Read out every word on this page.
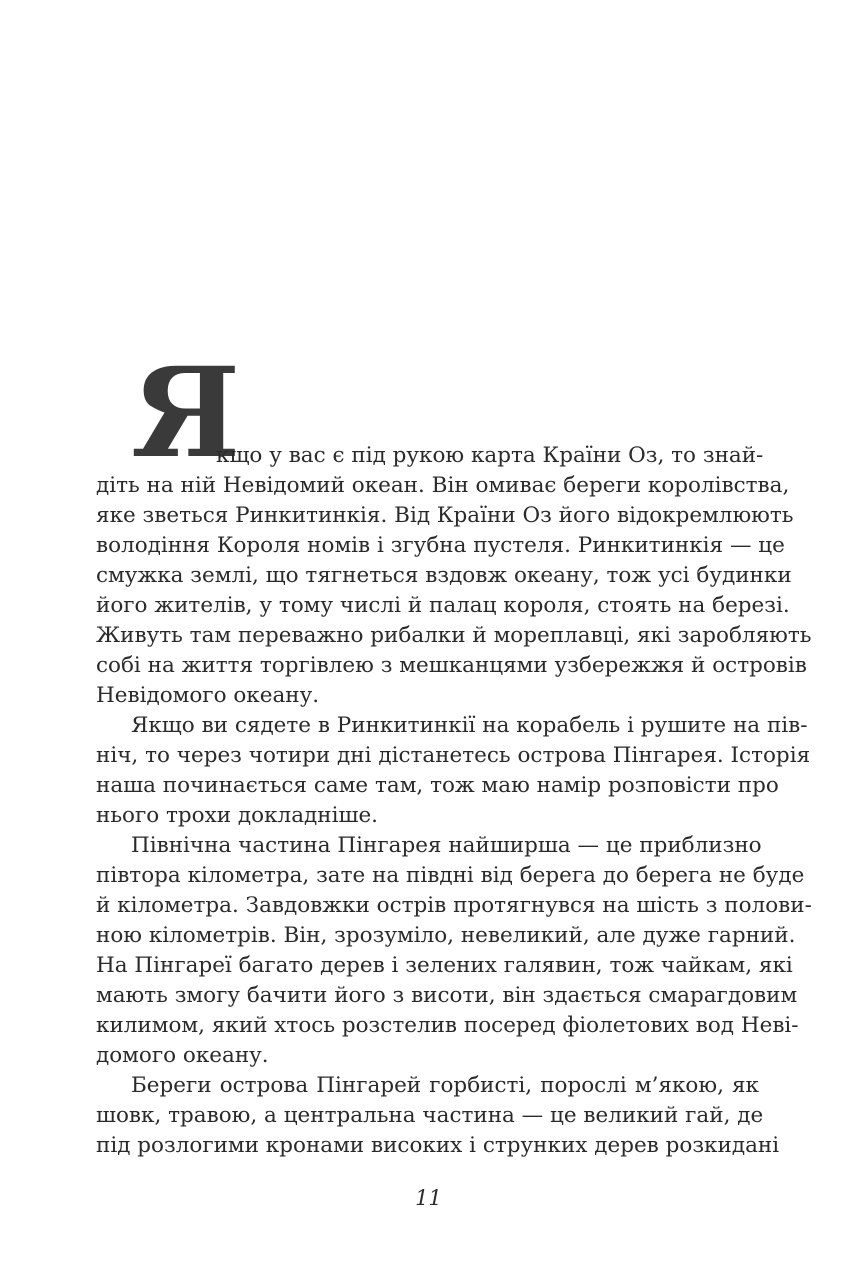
Я
кщо у вас є під рукою карта Країни Оз, то знай-
діть на ній Невідомий океан. Він омиває береги королівства,
яке зветься Ринкитинкія. Від Країни Оз його відокремлюють
володіння Короля номів і згубна пустеля. Ринкитинкія — це
смужка землі, що тягнеться вздовж океану, тож усі будинки
його жителів, у тому числі й палац короля, стоять на березі.
Живуть там переважно рибалки й мореплавці, які заробляють
собі на життя торгівлею з мешканцями узбережжя й островів
Невідомого океану.
Якщо ви сядете в Ринкитинкії на корабель і рушите на пів-
ніч, то через чотири дні дістанетесь острова Пінгарея. Історія
наша починається саме там, тож маю намір розповісти про
нього трохи докладніше.
Північна частина Пінгарея найширша — це приблизно
півтора кілометра, зате на півдні від берега до берега не буде
й кілометра. Завдовжки острів протягнувся на шість з полови-
ною кілометрів. Він, зрозуміло, невеликий, але дуже гарний.
На Пінгареї багато дерев і зелених галявин, тож чайкам, які
мають змогу бачити його з висоти, він здається смарагдовим
килимом, який хтось розстелив посеред фіолетових вод Неві-
домого океану.
Береги острова Пінгарей горбисті, порослі м’якою, як
шовк, травою, а центральна частина — це великий гай, де
під розлогими кронами високих і струнких дерев розкидані
11
